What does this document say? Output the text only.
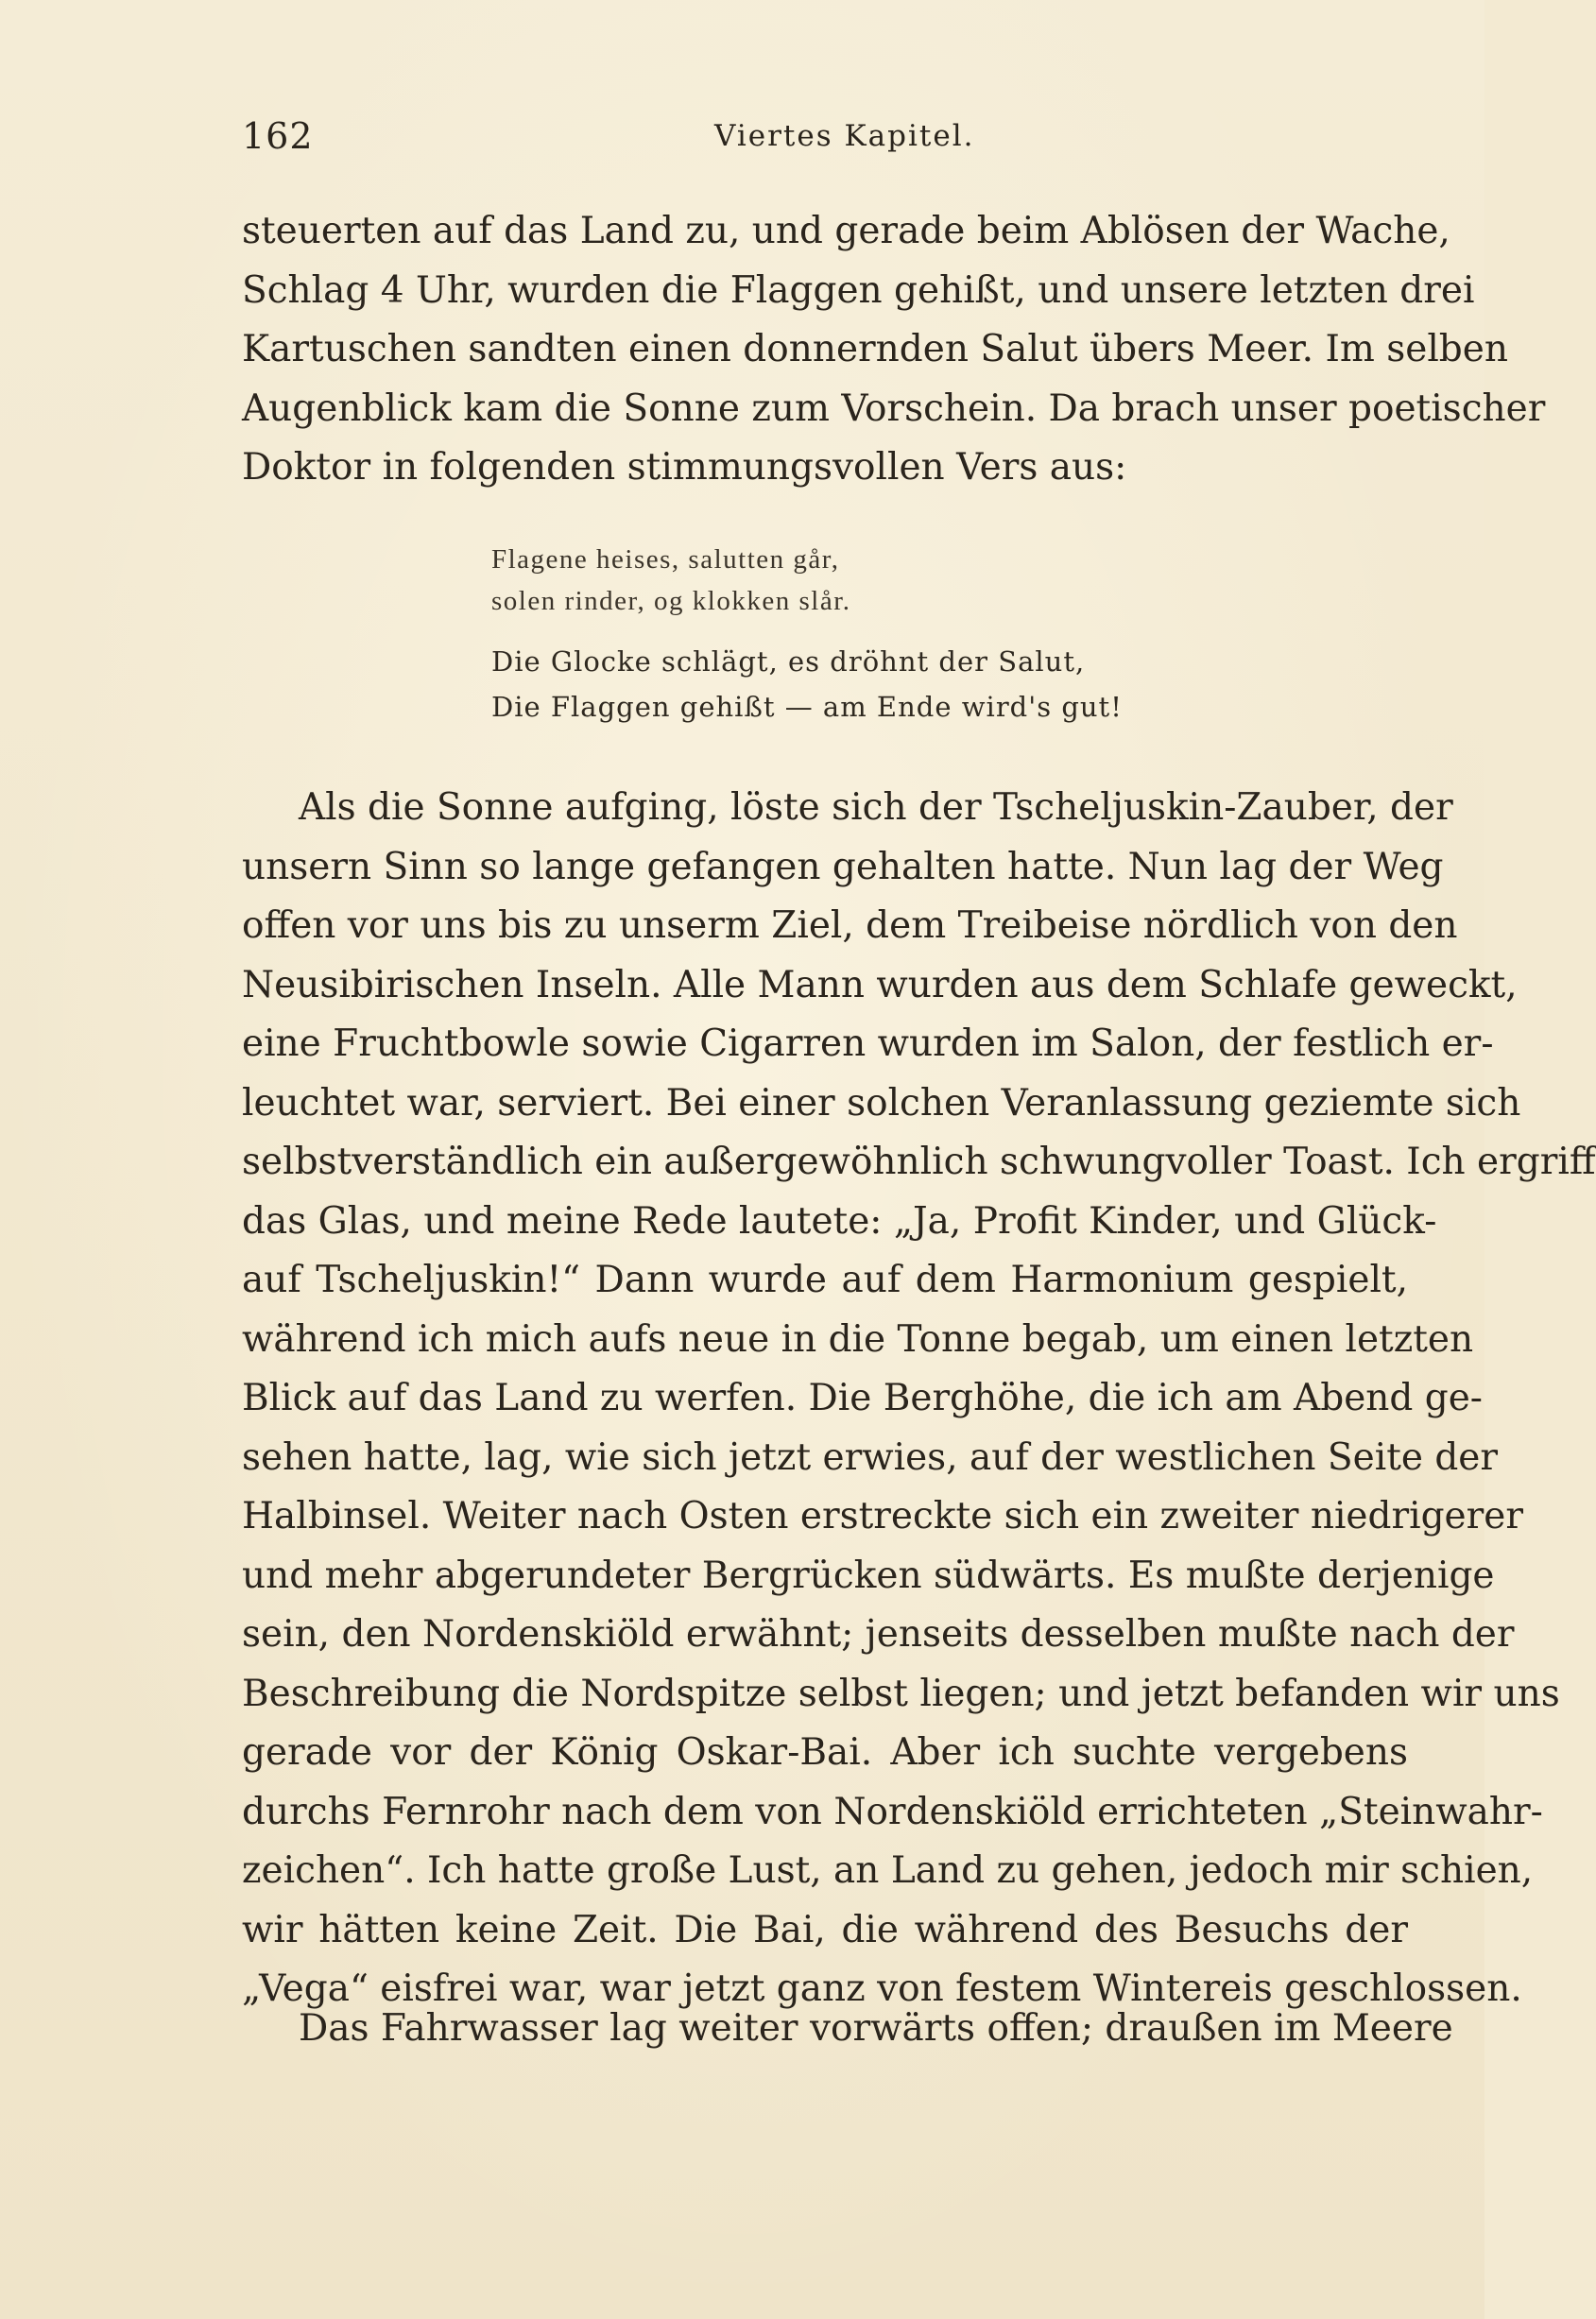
162	Viertes Kapitel.
steuerten auf das Land zu, und gerade beim Ablösen der Wache,
Schlag 4 Uhr, wurden die Flaggen gehißt, und unsere letzten drei
Kartuschen sandten einen donnernden Salut übers Meer. Im selben
Augenblick kam die Sonne zum Vorschein. Da brach unser poetischer
Doktor in folgenden stimmungsvollen Vers aus:
Flagene heises, salutten går,
solen rinder, og klokken slår.
Die Glocke schlägt, es dröhnt der Salut,
Die Flaggen gehißt — am Ende wird's gut!
Als die Sonne aufging, löste sich der Tscheljuskin-Zauber, der
unsern Sinn so lange gefangen gehalten hatte. Nun lag der Weg
offen vor uns bis zu unserm Ziel, dem Treibeise nördlich von den
Neusibirischen Inseln. Alle Mann wurden aus dem Schlafe geweckt,
eine Fruchtbowle sowie Cigarren wurden im Salon, der festlich er-
leuchtet war, serviert. Bei einer solchen Veranlassung geziemte sich
selbstverständlich ein außergewöhnlich schwungvoller Toast. Ich ergriff
das Glas, und meine Rede lautete: „Ja, Profit Kinder, und Glück-
auf Tscheljuskin!“ Dann wurde auf dem Harmonium gespielt,
während ich mich aufs neue in die Tonne begab, um einen letzten
Blick auf das Land zu werfen. Die Berghöhe, die ich am Abend ge-
sehen hatte, lag, wie sich jetzt erwies, auf der westlichen Seite der
Halbinsel. Weiter nach Osten erstreckte sich ein zweiter niedrigerer
und mehr abgerundeter Bergrücken südwärts. Es mußte derjenige
sein, den Nordenskiöld erwähnt; jenseits desselben mußte nach der
Beschreibung die Nordspitze selbst liegen; und jetzt befanden wir uns
gerade vor der König Oskar-Bai. Aber ich suchte vergebens
durchs Fernrohr nach dem von Nordenskiöld errichteten „Steinwahr-
zeichen“. Ich hatte große Lust, an Land zu gehen, jedoch mir schien,
wir hätten keine Zeit. Die Bai, die während des Besuchs der
„Vega“ eisfrei war, war jetzt ganz von festem Wintereis geschlossen.
Das Fahrwasser lag weiter vorwärts offen; draußen im Meere
